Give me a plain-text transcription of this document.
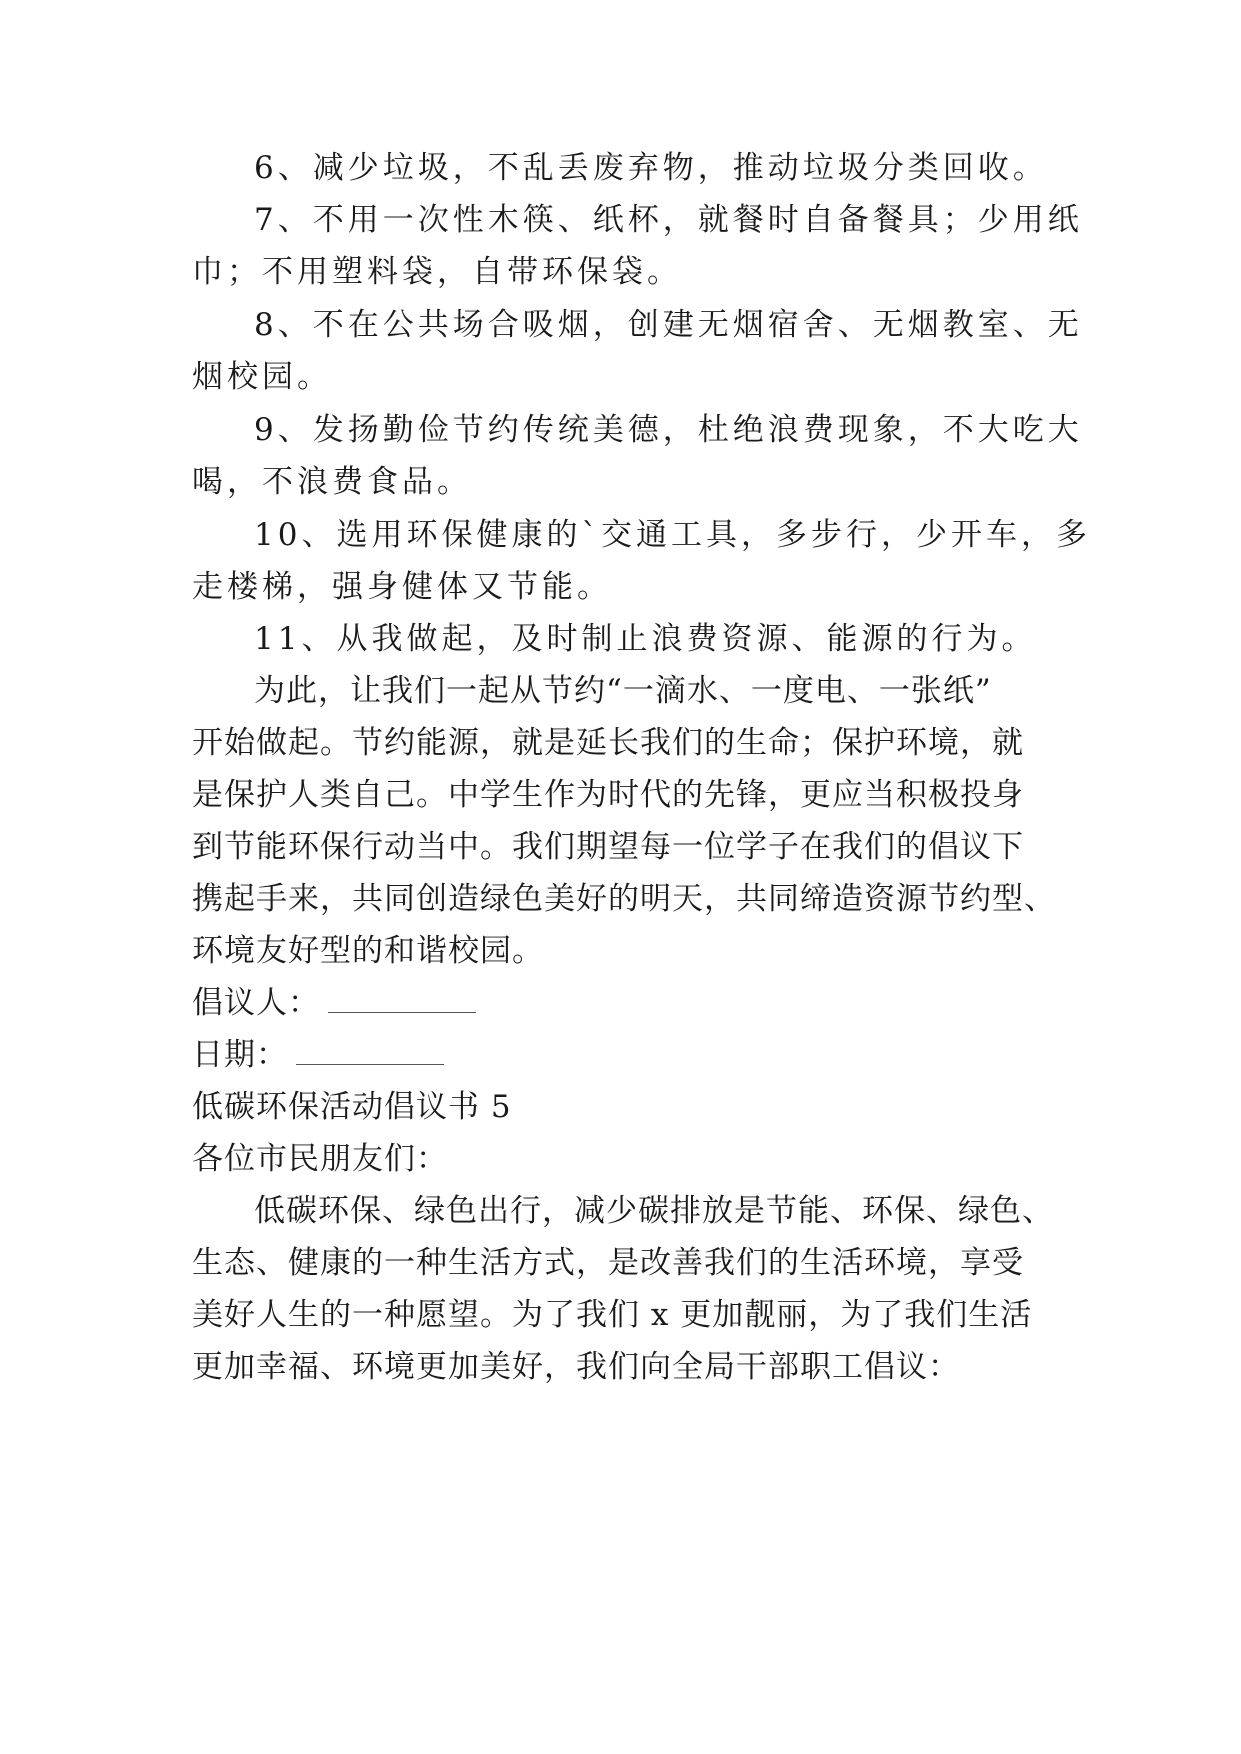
6、减少垃圾，不乱丢废弃物，推动垃圾分类回收。
7、不用一次性木筷、纸杯，就餐时自备餐具；少用纸
巾；不用塑料袋，自带环保袋。
8、不在公共场合吸烟，创建无烟宿舍、无烟教室、无
烟校园。
9、发扬勤俭节约传统美德，杜绝浪费现象，不大吃大
喝，不浪费食品。
10、选用环保健康的`交通工具，多步行，少开车，多
走楼梯，强身健体又节能。
11、从我做起，及时制止浪费资源、能源的行为。
为此，让我们一起从节约“一滴水、一度电、一张纸”
开始做起。节约能源，就是延长我们的生命；保护环境，就
是保护人类自己。中学生作为时代的先锋，更应当积极投身
到节能环保行动当中。我们期望每一位学子在我们的倡议下
携起手来，共同创造绿色美好的明天，共同缔造资源节约型、
环境友好型的和谐校园。
倡议人：
日期：
低碳环保活动倡议书 5
各位市民朋友们：
低碳环保、绿色出行，减少碳排放是节能、环保、绿色、
生态、健康的一种生活方式，是改善我们的生活环境，享受
美好人生的一种愿望。为了我们 x 更加靓丽，为了我们生活
更加幸福、环境更加美好，我们向全局干部职工倡议：
